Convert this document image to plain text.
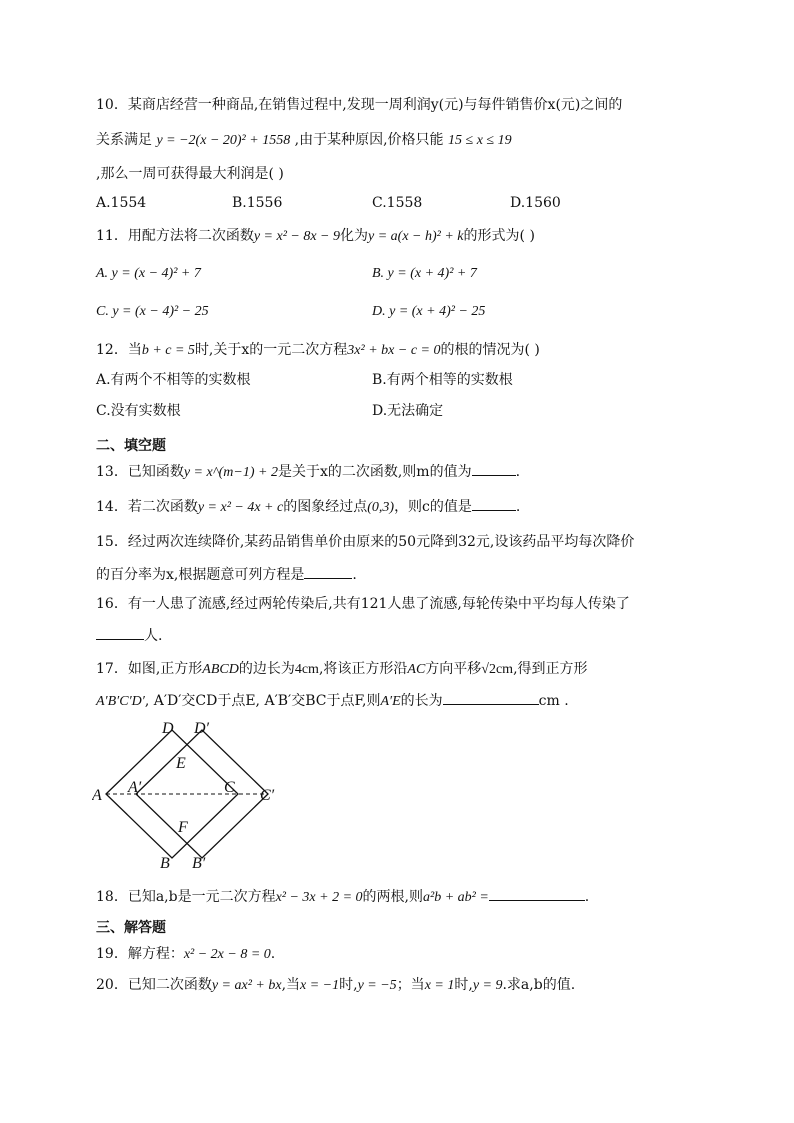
10．某商店经营一种商品,在销售过程中,发现一周利润y(元)与每件销售价x(元)之间的
关系满足 y = −2(x − 20)² + 1558 ,由于某种原因,价格只能 15 ≤ x ≤ 19
,那么一周可获得最大利润是( )
A.1554	B.1556	C.1558	D.1560
11．用配方法将二次函数y = x² − 8x − 9化为y = a(x − h)² + k的形式为( )
A. y = (x − 4)² + 7	B. y = (x + 4)² + 7
C. y = (x − 4)² − 25	D. y = (x + 4)² − 25
12．当b + c = 5时,关于x的一元二次方程3x² + bx − c = 0的根的情况为( )
A.有两个不相等的实数根	B.有两个相等的实数根
C.没有实数根	D.无法确定
二、填空题
13．已知函数y = x^(m−1) + 2是关于x的二次函数,则m的值为	.
14．若二次函数y = x² − 4x + c的图象经过点(0,3)，则c的值是	.
15．经过两次连续降价,某药品销售单价由原来的50元降到32元,设该药品平均每次降价
的百分率为x,根据题意可列方程是	.
16．有一人患了流感,经过两轮传染后,共有121人患了流感,每轮传染中平均每人传染了
人.
17．如图,正方形ABCD的边长为4cm,将该正方形沿AC方向平移√2cm,得到正方形
A′B′C′D′, A′D′交CD于点E, A′B′交BC于点F,则A′E的长为	cm .
A
D D′
E
A′	C C′
F
B B′
18．已知a,b是一元二次方程x² − 3x + 2 = 0的两根,则a²b + ab² =	.
三、解答题
19．解方程：x² − 2x − 8 = 0.
20．已知二次函数y = ax² + bx,当x = −1时,y = −5；当x = 1时,y = 9.求a,b的值.
